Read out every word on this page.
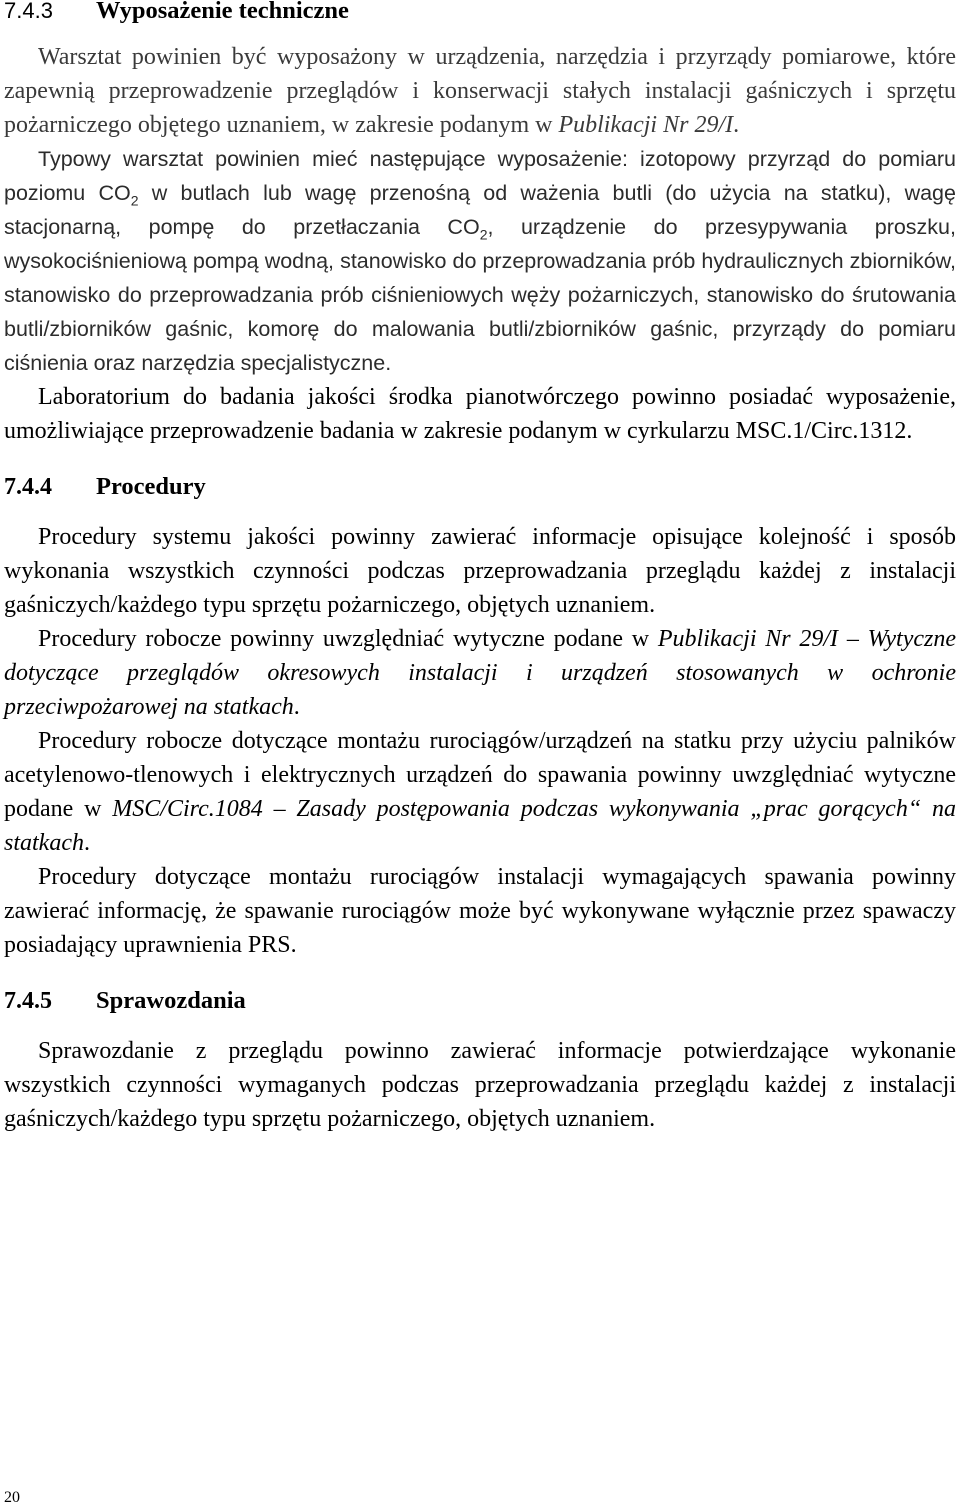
7.4.3	Wyposażenie techniczne

Warsztat powinien być wyposażony w urządzenia, narzędzia i przyrządy pomiarowe, które zapewnią przeprowadzenie przeglądów i konserwacji stałych instalacji gaśniczych i sprzętu pożarniczego objętego uznaniem, w zakresie podanym w Publikacji Nr 29/I.

Typowy warsztat powinien mieć następujące wyposażenie: izotopowy przyrząd do pomiaru poziomu $CO_2$ w butlach lub wagę przenośną od ważenia butli (do użycia na statku), wagę stacjonarną, pompę do przetłaczania $CO_2$, urządzenie do przesypywania proszku, wysokociśnieniową pompą wodną, stanowisko do przeprowadzania prób hydraulicznych zbiorników, stanowisko do przeprowadzania prób ciśnieniowych węży pożarniczych, stanowisko do śrutowania butli/zbiorników gaśnic, komorę do malowania butli/zbiorników gaśnic, przyrządy do pomiaru ciśnienia oraz narzędzia specjalistyczne.

Laboratorium do badania jakości środka pianotwórczego powinno posiadać wyposażenie, umożliwiające przeprowadzenie badania w zakresie podanym w cyrkularzu MSC.1/Circ.1312.

7.4.4	Procedury

Procedury systemu jakości powinny zawierać informacje opisujące kolejność i sposób wykonania wszystkich czynności podczas przeprowadzania przeglądu każdej z instalacji gaśniczych/każdego typu sprzętu pożarniczego, objętych uznaniem.

Procedury robocze powinny uwzględniać wytyczne podane w Publikacji Nr 29/I – Wytyczne dotyczące przeglądów okresowych instalacji i urządzeń stosowanych w ochronie przeciwpożarowej na statkach.

Procedury robocze dotyczące montażu rurociągów/urządzeń na statku przy użyciu palników acetylenowo-tlenowych i elektrycznych urządzeń do spawania powinny uwzględniać wytyczne podane w MSC/Circ.1084 – Zasady postępowania podczas wykonywania „prac gorących“ na statkach.

Procedury dotyczące montażu rurociągów instalacji wymagających spawania powinny zawierać informację, że spawanie rurociągów może być wykonywane wyłącznie przez spawaczy posiadający uprawnienia PRS.

7.4.5	Sprawozdania

Sprawozdanie z przeglądu powinno zawierać informacje potwierdzające wykonanie wszystkich czynności wymaganych podczas przeprowadzania przeglądu każdej z instalacji gaśniczych/każdego typu sprzętu pożarniczego, objętych uznaniem.

20
